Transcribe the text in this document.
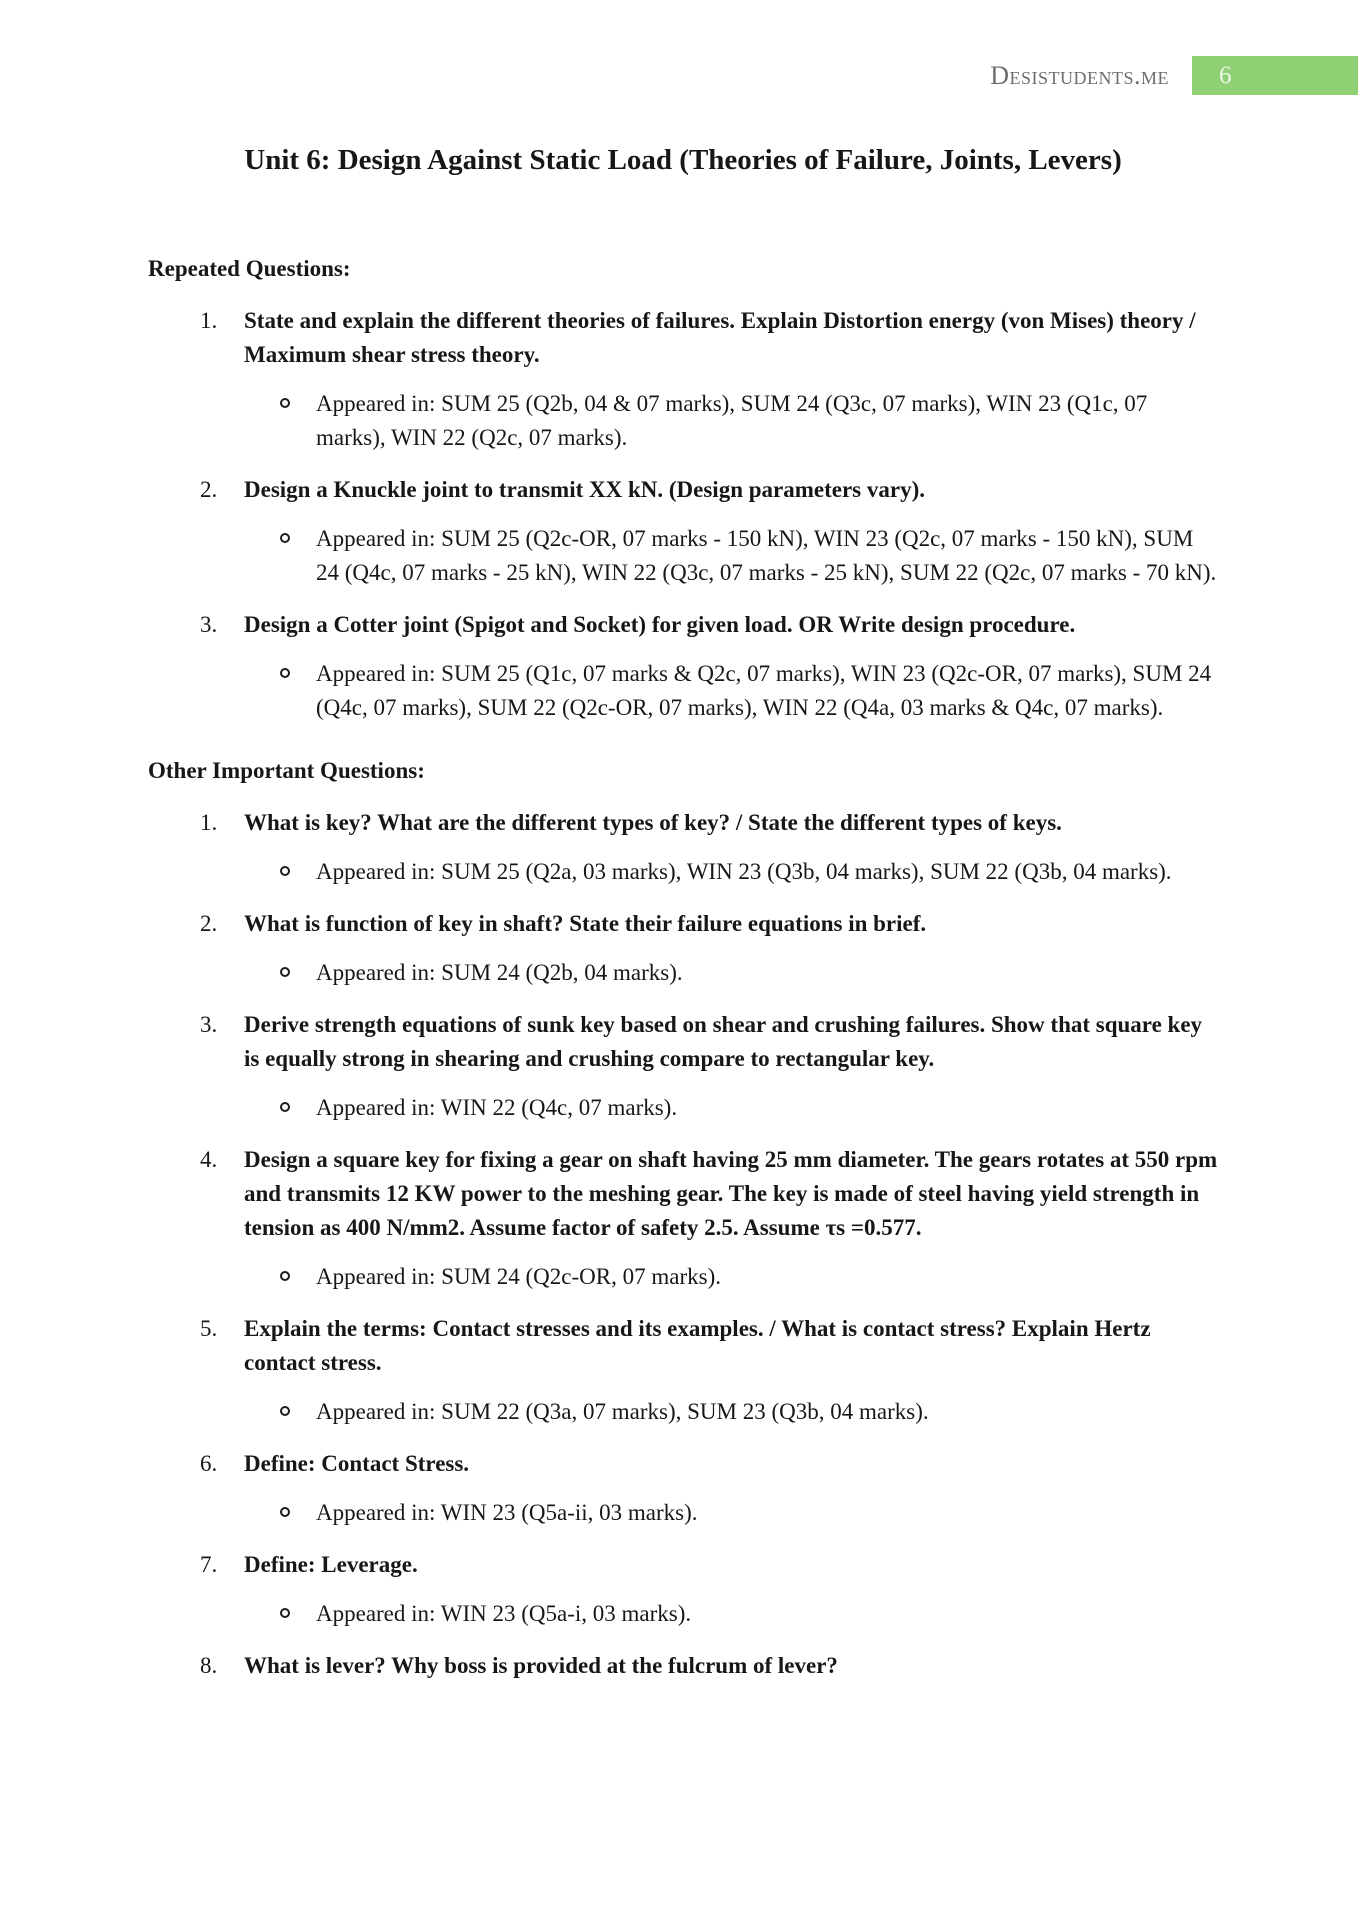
Desistudents.me 6
Unit 6: Design Against Static Load (Theories of Failure, Joints, Levers)
Repeated Questions:
1. State and explain the different theories of failures. Explain Distortion energy (von Mises) theory / Maximum shear stress theory.
Appeared in: SUM 25 (Q2b, 04 & 07 marks), SUM 24 (Q3c, 07 marks), WIN 23 (Q1c, 07 marks), WIN 22 (Q2c, 07 marks).
2. Design a Knuckle joint to transmit XX kN. (Design parameters vary).
Appeared in: SUM 25 (Q2c-OR, 07 marks - 150 kN), WIN 23 (Q2c, 07 marks - 150 kN), SUM 24 (Q4c, 07 marks - 25 kN), WIN 22 (Q3c, 07 marks - 25 kN), SUM 22 (Q2c, 07 marks - 70 kN).
3. Design a Cotter joint (Spigot and Socket) for given load. OR Write design procedure.
Appeared in: SUM 25 (Q1c, 07 marks & Q2c, 07 marks), WIN 23 (Q2c-OR, 07 marks), SUM 24 (Q4c, 07 marks), SUM 22 (Q2c-OR, 07 marks), WIN 22 (Q4a, 03 marks & Q4c, 07 marks).
Other Important Questions:
1. What is key? What are the different types of key? / State the different types of keys.
Appeared in: SUM 25 (Q2a, 03 marks), WIN 23 (Q3b, 04 marks), SUM 22 (Q3b, 04 marks).
2. What is function of key in shaft? State their failure equations in brief.
Appeared in: SUM 24 (Q2b, 04 marks).
3. Derive strength equations of sunk key based on shear and crushing failures. Show that square key is equally strong in shearing and crushing compare to rectangular key.
Appeared in: WIN 22 (Q4c, 07 marks).
4. Design a square key for fixing a gear on shaft having 25 mm diameter. The gears rotates at 550 rpm and transmits 12 KW power to the meshing gear. The key is made of steel having yield strength in tension as 400 N/mm2. Assume factor of safety 2.5. Assume τs =0.577.
Appeared in: SUM 24 (Q2c-OR, 07 marks).
5. Explain the terms: Contact stresses and its examples. / What is contact stress? Explain Hertz contact stress.
Appeared in: SUM 22 (Q3a, 07 marks), SUM 23 (Q3b, 04 marks).
6. Define: Contact Stress.
Appeared in: WIN 23 (Q5a-ii, 03 marks).
7. Define: Leverage.
Appeared in: WIN 23 (Q5a-i, 03 marks).
8. What is lever? Why boss is provided at the fulcrum of lever?
